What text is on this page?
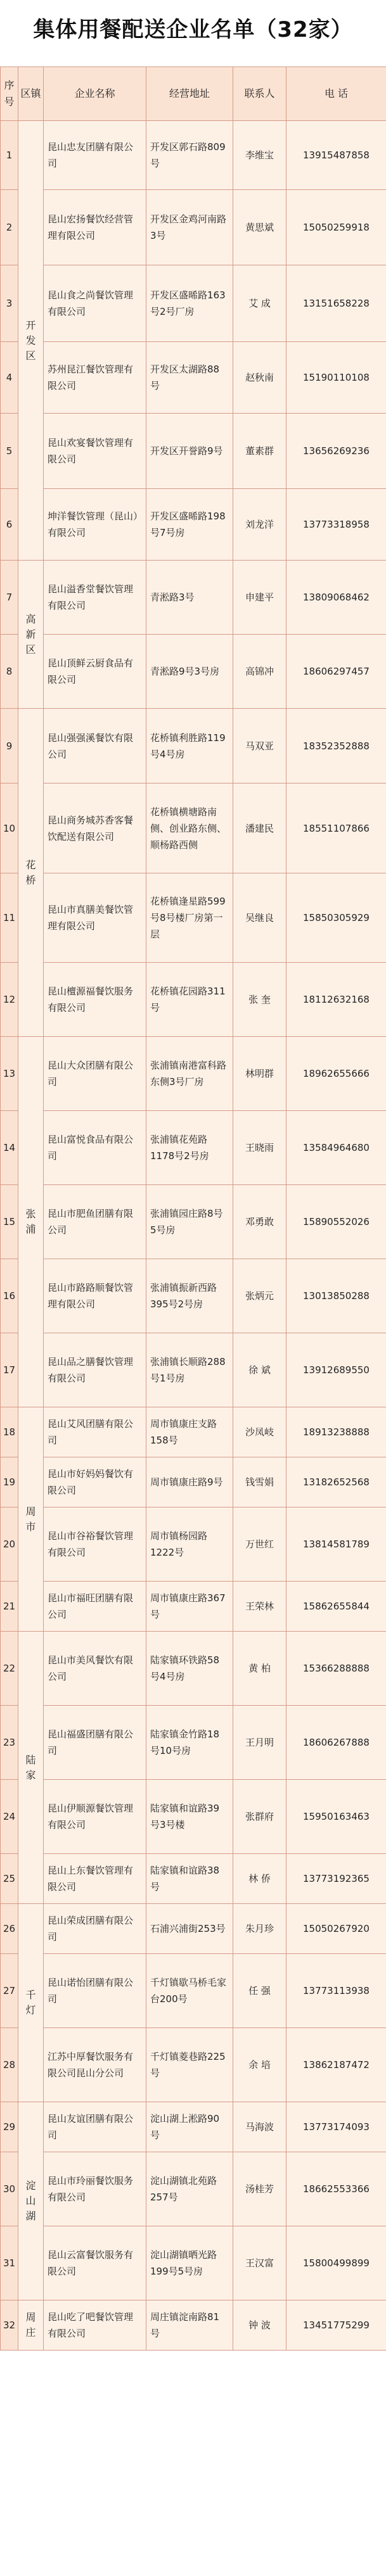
集体用餐配送企业名单（32家）
序号	区镇	企业名称	经营地址	联系人	电 话
1	开发区	昆山忠友团膳有限公司	开发区郭石路809号	李维宝	13915487858
2		昆山宏扬餐饮经营管理有限公司	开发区金鸡河南路3号	黄思斌	15050259918
3		昆山食之尚餐饮管理有限公司	开发区盛晞路163号2号厂房	艾 成	13151658228
4		苏州昆江餐饮管理有限公司	开发区太湖路88号	赵秋南	15190110108
5		昆山欢宴餐饮管理有限公司	开发区开誉路9号	董素群	13656269236
6		坤洋餐饮管理（昆山）有限公司	开发区盛晞路198号7号房	刘龙洋	13773318958
7	高新区	昆山溢香堂餐饮管理有限公司	青淞路3号	申建平	13809068462
8		昆山顶鲜云厨食品有限公司	青淞路9号3号房	高锦冲	18606297457
9	花桥	昆山强强溪餐饮有限公司	花桥镇利胜路119号4号房	马双亚	18352352888
10		昆山商务城苏香客餐饮配送有限公司	花桥镇横塘路南侧、创业路东侧、顺杨路西侧	潘建民	18551107866
11		昆山市真膳美餐饮管理有限公司	花桥镇逢星路599号8号楼厂房第一层	吴继良	15850305929
12		昆山檀源福餐饮服务有限公司	花桥镇花园路311号	张 奎	18112632168
13	张浦	昆山大众团膳有限公司	张浦镇南港富科路东侧3号厂房	林明群	18962655666
14		昆山富悦食品有限公司	张浦镇花苑路1178号2号房	王晓雨	13584964680
15		昆山市肥鱼团膳有限公司	张浦镇园庄路8号5号房	邓勇敢	15890552026
16		昆山市路路顺餐饮管理有限公司	张浦镇振新西路395号2号房	张炳元	13013850288
17		昆山品之膳餐饮管理有限公司	张浦镇长顺路288号1号房	徐 斌	13912689550
18	周市	昆山艾风团膳有限公司	周市镇康庄支路158号	沙凤岐	18913238888
19		昆山市好妈妈餐饮有限公司	周市镇康庄路9号	钱雪娟	13182652568
20		昆山市谷裕餐饮管理有限公司	周市镇杨园路1222号	万世红	13814581789
21		昆山市福旺团膳有限公司	周市镇康庄路367号	王荣林	15862655844
22	陆家	昆山市美风餐饮有限公司	陆家镇环铁路58号4号房	黄 柏	15366288888
23		昆山福盛团膳有限公司	陆家镇金竹路18号10号房	王月明	18606267888
24		昆山伊顺源餐饮管理有限公司	陆家镇和谊路39号3号楼	张群府	15950163463
25		昆山上东餐饮管理有限公司	陆家镇和谊路38号	林 侨	13773192365
26	千灯	昆山荣成团膳有限公司	石浦兴浦街253号	朱月珍	15050267920
27		昆山诺怡团膳有限公司	千灯镇歇马桥毛家台200号	任 强	13773113938
28		江苏中厚餐饮服务有限公司昆山分公司	千灯镇菱巷路225号	余 培	13862187472
29	淀山湖	昆山友谊团膳有限公司	淀山湖上淞路90号	马海波	13773174093
30		昆山市玲丽餐饮服务有限公司	淀山湖镇北苑路257号	汤桂芳	18662553366
31		昆山云富餐饮服务有限公司	淀山湖镇晒光路199号5号房	王汉富	15800499899
32	周庄	昆山吃了吧餐饮管理有限公司	周庄镇淀南路81号	钟 波	13451775299
